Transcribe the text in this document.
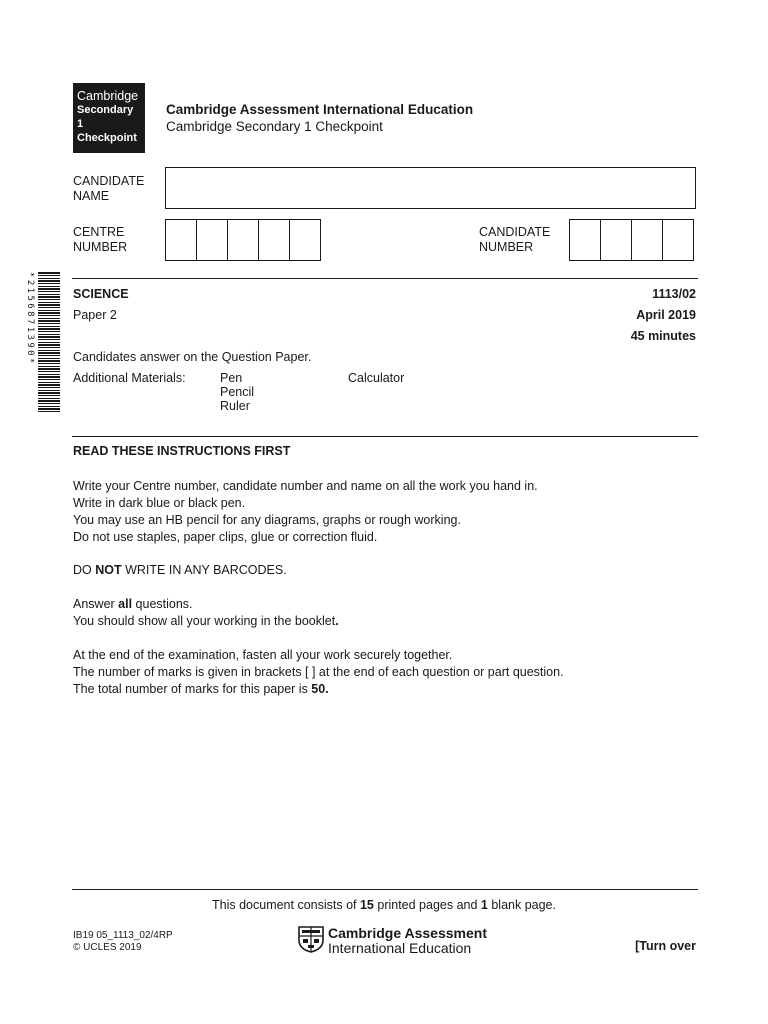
Cambridge
Secondary 1
Checkpoint
Cambridge Assessment International Education
Cambridge Secondary 1 Checkpoint
CANDIDATE
NAME
CENTRE
NUMBER
CANDIDATE
NUMBER
*2156871390*	SCIENCE	1113/02
Paper 2	April 2019
45 minutes
Candidates answer on the Question Paper.
Additional Materials:	Pen
Pencil
Ruler
Calculator
READ THESE INSTRUCTIONS FIRST

Write your Centre number, candidate number and name on all the work you hand in.

Write in dark blue or black pen.

You may use an HB pencil for any diagrams, graphs or rough working.

Do not use staples, paper clips, glue or correction fluid.

DO NOT WRITE IN ANY BARCODES.

Answer all questions.

You should show all your working in the booklet.

At the end of the examination, fasten all your work securely together.

The number of marks is given in brackets [ ] at the end of each question or part question.

The total number of marks for this paper is 50.

This document consists of 15 printed pages and 1 blank page.
IB19 05_1113_02/4RP
© UCLES 2019
Cambridge Assessment
International Education	[Turn over
